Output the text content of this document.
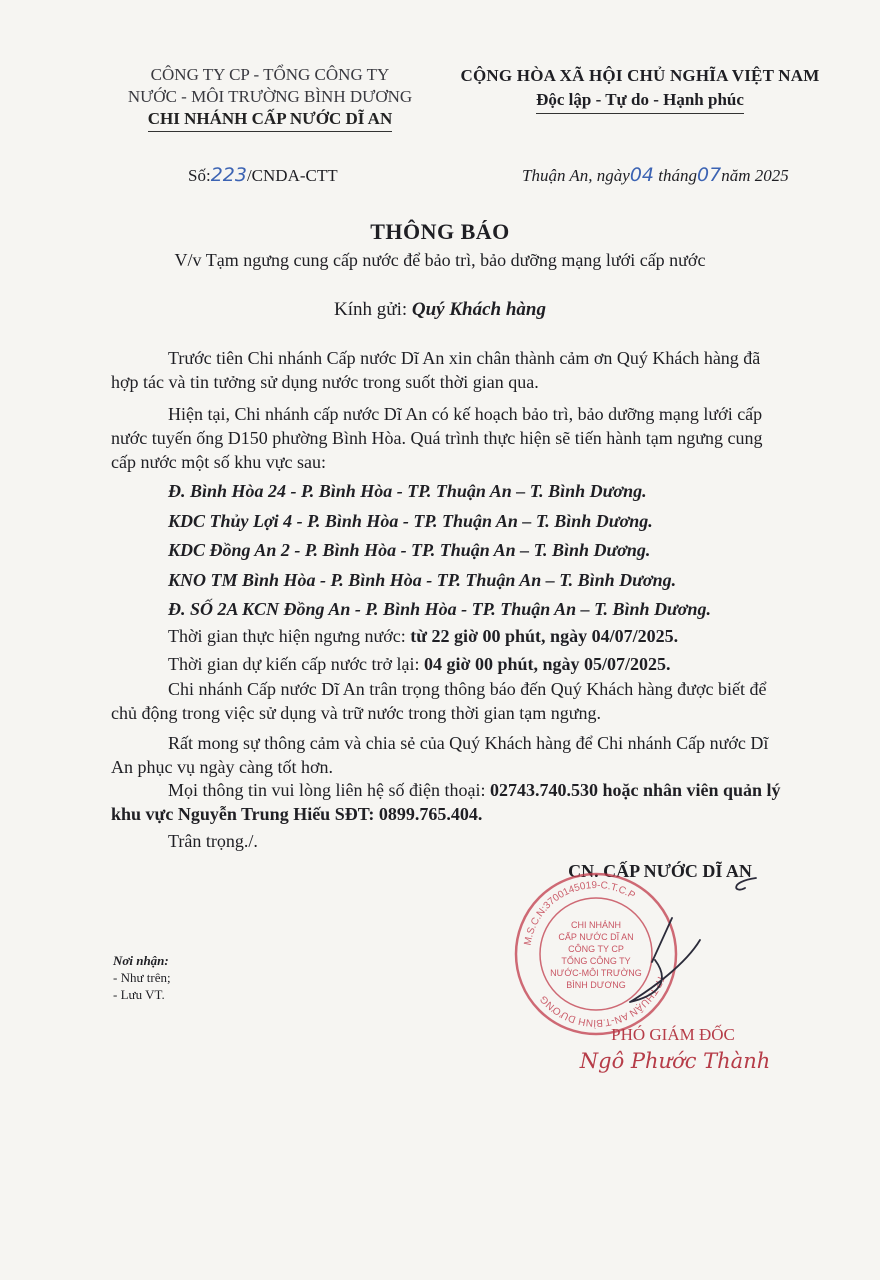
CÔNG TY CP - TỔNG CÔNG TY
NƯỚC - MÔI TRƯỜNG BÌNH DƯƠNG
CHI NHÁNH CẤP NƯỚC DĨ AN
CỘNG HÒA XÃ HỘI CHỦ NGHĨA VIỆT NAM
Độc lập - Tự do - Hạnh phúc
Số:223/CNDA-CTT	Thuận An, ngày04 tháng07năm 2025
THÔNG BÁO
V/v Tạm ngưng cung cấp nước để bảo trì, bảo dưỡng mạng lưới cấp nước
Kính gửi: Quý Khách hàng
Trước tiên Chi nhánh Cấp nước Dĩ An xin chân thành cảm ơn Quý Khách hàng đã
hợp tác và tin tưởng sử dụng nước trong suốt thời gian qua.
Hiện tại, Chi nhánh cấp nước Dĩ An có kế hoạch bảo trì, bảo dưỡng mạng lưới cấp
nước tuyến ống D150 phường Bình Hòa. Quá trình thực hiện sẽ tiến hành tạm ngưng cung
cấp nước một số khu vực sau:
Đ. Bình Hòa 24 - P. Bình Hòa - TP. Thuận An – T. Bình Dương.
KDC Thủy Lợi 4 - P. Bình Hòa - TP. Thuận An – T. Bình Dương.
KDC Đồng An 2 - P. Bình Hòa - TP. Thuận An – T. Bình Dương.
KNO TM Bình Hòa - P. Bình Hòa - TP. Thuận An – T. Bình Dương.
Đ. SỐ 2A KCN Đồng An - P. Bình Hòa - TP. Thuận An – T. Bình Dương.
Thời gian thực hiện ngưng nước: từ 22 giờ 00 phút, ngày 04/07/2025.
Thời gian dự kiến cấp nước trở lại: 04 giờ 00 phút, ngày 05/07/2025.
Chi nhánh Cấp nước Dĩ An trân trọng thông báo đến Quý Khách hàng được biết để
chủ động trong việc sử dụng và trữ nước trong thời gian tạm ngưng.
Rất mong sự thông cảm và chia sẻ của Quý Khách hàng để Chi nhánh Cấp nước Dĩ
An phục vụ ngày càng tốt hơn.
Mọi thông tin vui lòng liên hệ số điện thoại: 02743.740.530 hoặc nhân viên quản lý
khu vực Nguyễn Trung Hiếu SĐT: 0899.765.404.
Trân trọng./.
CN. CẤP NƯỚC DĨ AN
M.S.C.N:3700145019-C.T.C.P
TP.THUẬN AN-T.BÌNH DƯƠNG
CHI NHÁNH
CẤP NƯỚC DĨ AN
CÔNG TY CP
TỔNG CÔNG TY
NƯỚC-MÔI TRƯỜNG
BÌNH DƯƠNG
PHÓ GIÁM ĐỐC
Ngô Phước Thành
Nơi nhận:
- Như trên;
- Lưu VT.
